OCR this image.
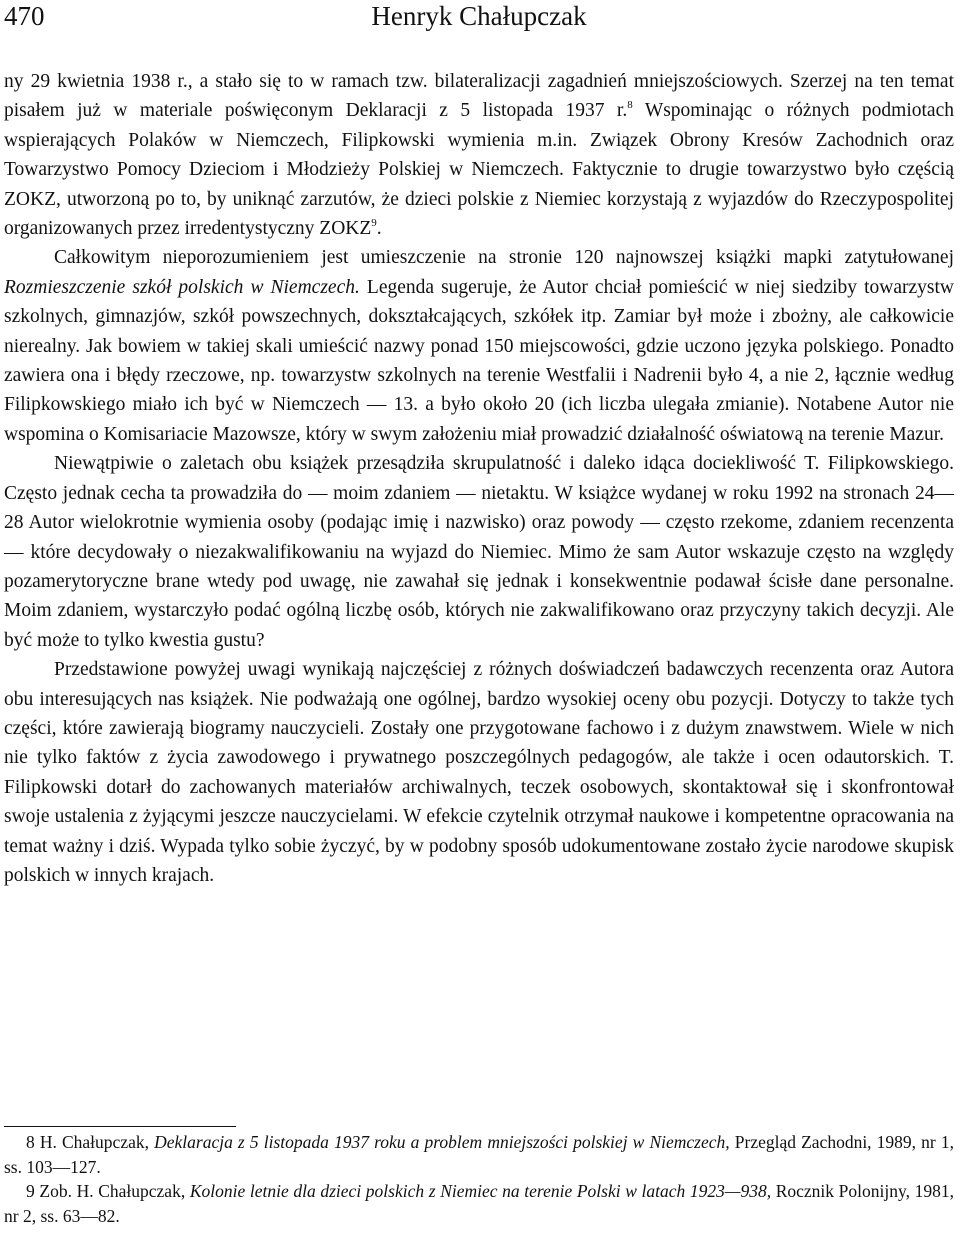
470	Henryk Chałupczak

ny 29 kwietnia 1938 r., a stało się to w ramach tzw. bilateralizacji zagadnień mniejszościowych. Szerzej na ten temat pisałem już w materiale poświęconym Deklaracji z 5 listopada 1937 r.$^8$ Wspominając o różnych podmiotach wspierających Polaków w Niemczech, Filipkowski wymienia m.in. Związek Obrony Kresów Zachodnich oraz Towarzystwo Pomocy Dzieciom i Młodzieży Polskiej w Niemczech. Faktycznie to drugie towarzystwo było częścią ZOKZ, utworzoną po to, by uniknąć zarzutów, że dzieci polskie z Niemiec korzystają z wyjazdów do Rzeczypospolitej organizowanych przez irredentystyczny ZOKZ$^9$.

Całkowitym nieporozumieniem jest umieszczenie na stronie 120 najnowszej książki mapki zatytułowanej Rozmieszczenie szkół polskich w Niemczech. Legenda sugeruje, że Autor chciał pomieścić w niej siedziby towarzystw szkolnych, gimnazjów, szkół powszechnych, dokształcających, szkółek itp. Zamiar był może i zbożny, ale całkowicie nierealny. Jak bowiem w takiej skali umieścić nazwy ponad 150 miejscowości, gdzie uczono języka polskiego. Ponadto zawiera ona i błędy rzeczowe, np. towarzystw szkolnych na terenie Westfalii i Nadrenii było 4, a nie 2, łącznie według Filipkowskiego miało ich być w Niemczech — 13. a było około 20 (ich liczba ulegała zmianie). Notabene Autor nie wspomina o Komisariacie Mazowsze, który w swym założeniu miał prowadzić działalność oświatową na terenie Mazur.

Niewątpiwie o zaletach obu książek przesądziła skrupulatność i daleko idąca dociekliwość T. Filipkowskiego. Często jednak cecha ta prowadziła do — moim zdaniem — nietaktu. W książce wydanej w roku 1992 na stronach 24—28 Autor wielokrotnie wymienia osoby (podając imię i nazwisko) oraz powody — często rzekome, zdaniem recenzenta — które decydowały o niezakwalifikowaniu na wyjazd do Niemiec. Mimo że sam Autor wskazuje często na względy pozamerytoryczne brane wtedy pod uwagę, nie zawahał się jednak i konsekwentnie podawał ścisłe dane personalne. Moim zdaniem, wystarczyło podać ogólną liczbę osób, których nie zakwalifikowano oraz przyczyny takich decyzji. Ale być może to tylko kwestia gustu?

Przedstawione powyżej uwagi wynikają najczęściej z różnych doświadczeń badawczych recenzenta oraz Autora obu interesujących nas książek. Nie podważają one ogólnej, bardzo wysokiej oceny obu pozycji. Dotyczy to także tych części, które zawierają biogramy nauczycieli. Zostały one przygotowane fachowo i z dużym znawstwem. Wiele w nich nie tylko faktów z życia zawodowego i prywatnego poszczególnych pedagogów, ale także i ocen odautorskich. T. Filipkowski dotarł do zachowanych materiałów archiwalnych, teczek osobowych, skontaktował się i skonfrontował swoje ustalenia z żyjącymi jeszcze nauczycielami. W efekcie czytelnik otrzymał naukowe i kompetentne opracowania na temat ważny i dziś. Wypada tylko sobie życzyć, by w podobny sposób udokumentowane zostało życie narodowe skupisk polskich w innych krajach.

8 H. Chałupczak, Deklaracja z 5 listopada 1937 roku a problem mniejszości polskiej w Niemczech, Przegląd Zachodni, 1989, nr 1, ss. 103—127.

9 Zob. H. Chałupczak, Kolonie letnie dla dzieci polskich z Niemiec na terenie Polski w latach 1923—938, Rocznik Polonijny, 1981, nr 2, ss. 63—82.
